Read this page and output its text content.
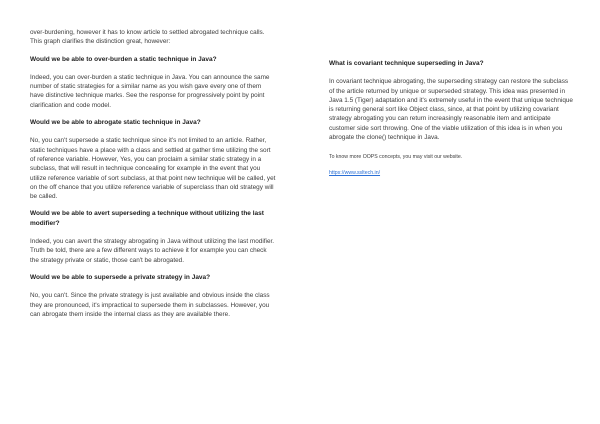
over-burdening, however it has to know article to settled abrogated technique calls. This graph clarifies the distinction great, however:

Would we be able to over-burden a static technique in Java?

Indeed, you can over-burden a static technique in Java. You can announce the same number of static strategies for a similar name as you wish gave every one of them have distinctive technique marks. See the response for progressively point by point clarification and code model.

Would we be able to abrogate static technique in Java?

No, you can't supersede a static technique since it's not limited to an article. Rather, static techniques have a place with a class and settled at gather time utilizing the sort of reference variable. However, Yes, you can proclaim a similar static strategy in a subclass, that will result in technique concealing for example in the event that you utilize reference variable of sort subclass, at that point new technique will be called, yet on the off chance that you utilize reference variable of superclass than old strategy will be called.

Would we be able to avert superseding a technique without utilizing the last modifier?

Indeed, you can avert the strategy abrogating in Java without utilizing the last modifier. Truth be told, there are a few different ways to achieve it for example you can check the strategy private or static, those can't be abrogated.

Would we be able to supersede a private strategy in Java?

No, you can't. Since the private strategy is just available and obvious inside the class they are pronounced, it's impractical to supersede them in subclasses. However, you can abrogate them inside the internal class as they are available there.

What is covariant technique superseding in Java?

In covariant technique abrogating, the superseding strategy can restore the subclass of the article returned by unique or superseded strategy. This idea was presented in Java 1.5 (Tiger) adaptation and it's extremely useful in the event that unique technique is returning general sort like Object class, since, at that point by utilizing covariant strategy abrogating you can return increasingly reasonable item and anticipate customer side sort throwing. One of the viable utilization of this idea is in when you abrogate the clone() technique in Java.

To know more OOPS concepts, you may visit our website.

https://www.ssltech.in/
